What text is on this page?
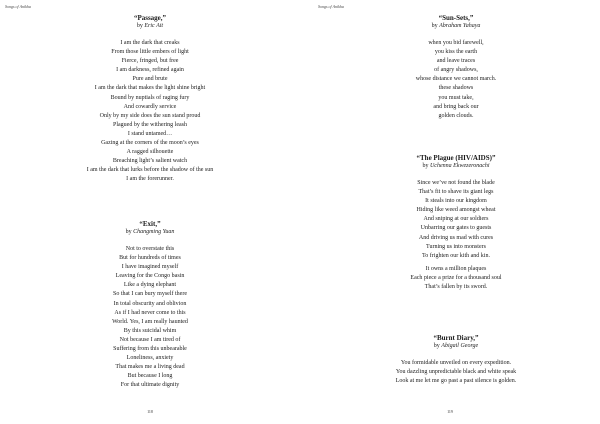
Songs of Anikha
“Passage,”
by Eric Ait
I am the dark that creaks
From those little embers of light
Fierce, fringed, but free
I am darkness, refined again
Pure and brute
I am the dark that makes the light shine bright
Bound by nuptials of raging fury
And cowardly service
Only by my side does the sun stand proud
Plagued by the withering leash
I stand untamed…
Gazing at the corners of the moon’s eyes
A ragged silhouette
Breaching light’s salient watch
I am the dark that lurks before the shadow of the sun
I am the forerunner.
“Exit,”
by Changming Yuan
Not to overstate this
But for hundreds of times
I have imagined myself
Leaving for the Congo basin
Like a dying elephant
So that I can bury myself there
In total obscurity and oblivion
As if I had never come to this
World. Yes, I am really haunted
By this suicidal whim
Not because I am tired of
Suffering from this unbearable
Loneliness, anxiety
That makes me a living dead
But because I long
For that ultimate dignity
118
Songs of Anikha
“Sun-Sets,”
by Abraham Yahaya
when you bid farewell,
you kiss the earth
and leave traces
of angry shadows,
whose distance we cannot march.
these shadows
you must take,
and bring back our
golden clouds.
“The Plague (HIV/AIDS)”
by Uchenna Ekwezeronachi
Since we’ve not found the blade
That’s fit to shave its giant legs
It steals into our kingdom
Hiding like weed amongst wheat
And sniping at our soldiers
Unbarring our gates to guests
And driving us mad with cures
Turning us into monsters
To frighten our kith and kin.
It owns a million plaques
Each piece a prize for a thousand soul
That’s fallen by its sword.
“Burnt Diary,”
by Abigail George
You formidable unveiled on every expedition.
You dazzling unpredictable black and white speak
Look at me let me go past a past silence is golden.
119
